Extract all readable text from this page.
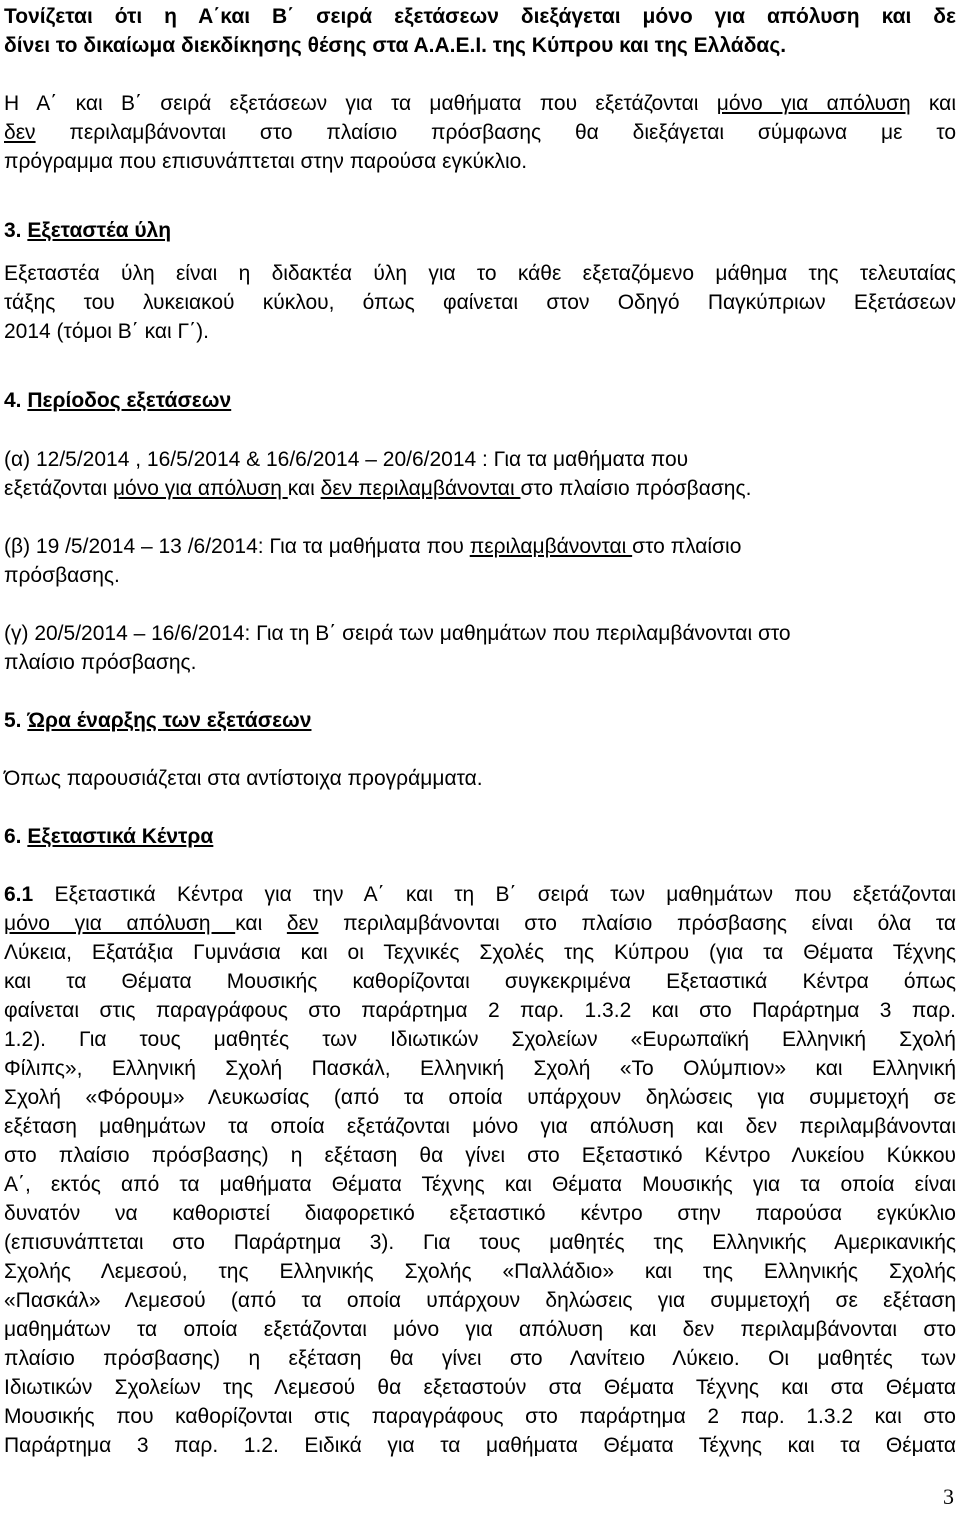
Τονίζεται ότι η Α΄και Β΄ σειρά εξετάσεων διεξάγεται μόνο για απόλυση και δε
δίνει το δικαίωμα διεκδίκησης θέσης στα Α.Α.Ε.Ι. της Κύπρου και της Ελλάδας.
Η Α΄ και Β΄ σειρά εξετάσεων για τα μαθήματα που εξετάζονται μόνο για απόλυση και
δεν περιλαμβάνονται στο πλαίσιο πρόσβασης θα διεξάγεται σύμφωνα με το
πρόγραμμα που επισυνάπτεται στην παρούσα εγκύκλιο.
3. Εξεταστέα ύλη
Εξεταστέα ύλη είναι η διδακτέα ύλη για το κάθε εξεταζόμενο μάθημα της τελευταίας
τάξης του λυκειακού κύκλου, όπως φαίνεται στον Οδηγό Παγκύπριων Εξετάσεων
2014 (τόμοι Β΄ και Γ΄).
4. Περίοδος εξετάσεων
(α) 12/5/2014 , 16/5/2014 & 16/6/2014 – 20/6/2014 : Για τα μαθήματα που
εξετάζονται μόνο για απόλυση και δεν περιλαμβάνονται στο πλαίσιο πρόσβασης.
(β) 19 /5/2014 – 13 /6/2014: Για τα μαθήματα που περιλαμβάνονται στο πλαίσιο
πρόσβασης.
(γ) 20/5/2014 – 16/6/2014: Για τη Β΄ σειρά των μαθημάτων που περιλαμβάνονται στο
πλαίσιο πρόσβασης.
5. Ώρα έναρξης των εξετάσεων
Όπως παρουσιάζεται στα αντίστοιχα προγράμματα.
6. Εξεταστικά Κέντρα
6.1 Εξεταστικά Κέντρα για την Α΄ και τη Β΄ σειρά των μαθημάτων που εξετάζονται
μόνο για απόλυση και δεν περιλαμβάνονται στο πλαίσιο πρόσβασης είναι όλα τα
Λύκεια, Εξατάξια Γυμνάσια και οι Τεχνικές Σχολές της Κύπρου (για τα Θέματα Τέχνης
και τα Θέματα Μουσικής καθορίζονται συγκεκριμένα Εξεταστικά Κέντρα όπως
φαίνεται στις παραγράφους στο παράρτημα 2 παρ. 1.3.2 και στο Παράρτημα 3 παρ.
1.2). Για τους μαθητές των Ιδιωτικών Σχολείων «Ευρωπαϊκή Ελληνική Σχολή
Φίλιπς», Ελληνική Σχολή Πασκάλ, Ελληνική Σχολή «Το Ολύμπιον» και Ελληνική
Σχολή «Φόρουμ» Λευκωσίας (από τα οποία υπάρχουν δηλώσεις για συμμετοχή σε
εξέταση μαθημάτων τα οποία εξετάζονται μόνο για απόλυση και δεν περιλαμβάνονται
στο πλαίσιο πρόσβασης) η εξέταση θα γίνει στο Εξεταστικό Κέντρο Λυκείου Κύκκου
Α΄, εκτός από τα μαθήματα Θέματα Τέχνης και Θέματα Μουσικής για τα οποία είναι
δυνατόν να καθοριστεί διαφορετικό εξεταστικό κέντρο στην παρούσα εγκύκλιο
(επισυνάπτεται στο Παράρτημα 3). Για τους μαθητές της Ελληνικής Αμερικανικής
Σχολής Λεμεσού, της Ελληνικής Σχολής «Παλλάδιο» και της Ελληνικής Σχολής
«Πασκάλ» Λεμεσού (από τα οποία υπάρχουν δηλώσεις για συμμετοχή σε εξέταση
μαθημάτων τα οποία εξετάζονται μόνο για απόλυση και δεν περιλαμβάνονται στο
πλαίσιο πρόσβασης) η εξέταση θα γίνει στο Λανίτειο Λύκειο. Οι μαθητές των
Ιδιωτικών Σχολείων της Λεμεσού θα εξεταστούν στα Θέματα Τέχνης και στα Θέματα
Μουσικής που καθορίζονται στις παραγράφους στο παράρτημα 2 παρ. 1.3.2 και στο
Παράρτημα 3 παρ. 1.2. Ειδικά για τα μαθήματα Θέματα Τέχνης και τα Θέματα
3
